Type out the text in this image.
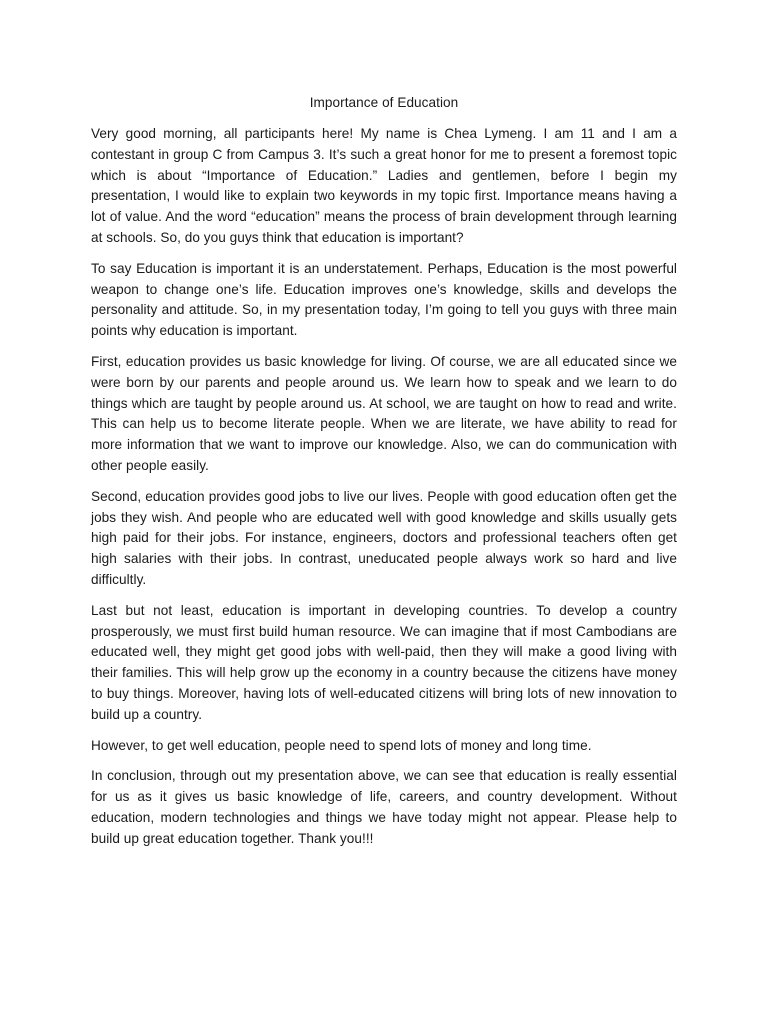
Importance of Education

Very good morning, all participants here! My name is Chea Lymeng. I am 11 and I am a contestant in group C from Campus 3. It’s such a great honor for me to present a foremost topic which is about “Importance of Education.” Ladies and gentlemen, before I begin my presentation, I would like to explain two keywords in my topic first. Importance means having a lot of value. And the word “education” means the process of brain development through learning at schools. So, do you guys think that education is important?

To say Education is important it is an understatement. Perhaps, Education is the most powerful weapon to change one’s life. Education improves one’s knowledge, skills and develops the personality and attitude. So, in my presentation today, I’m going to tell you guys with three main points why education is important.

First, education provides us basic knowledge for living. Of course, we are all educated since we were born by our parents and people around us. We learn how to speak and we learn to do things which are taught by people around us. At school, we are taught on how to read and write. This can help us to become literate people. When we are literate, we have ability to read for more information that we want to improve our knowledge. Also, we can do communication with other people easily.

Second, education provides good jobs to live our lives. People with good education often get the jobs they wish. And people who are educated well with good knowledge and skills usually gets high paid for their jobs. For instance, engineers, doctors and professional teachers often get high salaries with their jobs. In contrast, uneducated people always work so hard and live difficultly.

Last but not least, education is important in developing countries. To develop a country prosperously, we must first build human resource. We can imagine that if most Cambodians are educated well, they might get good jobs with well-paid, then they will make a good living with their families. This will help grow up the economy in a country because the citizens have money to buy things. Moreover, having lots of well-educated citizens will bring lots of new innovation to build up a country.

However, to get well education, people need to spend lots of money and long time.

In conclusion, through out my presentation above, we can see that education is really essential for us as it gives us basic knowledge of life, careers, and country development. Without education, modern technologies and things we have today might not appear. Please help to build up great education together. Thank you!!!
